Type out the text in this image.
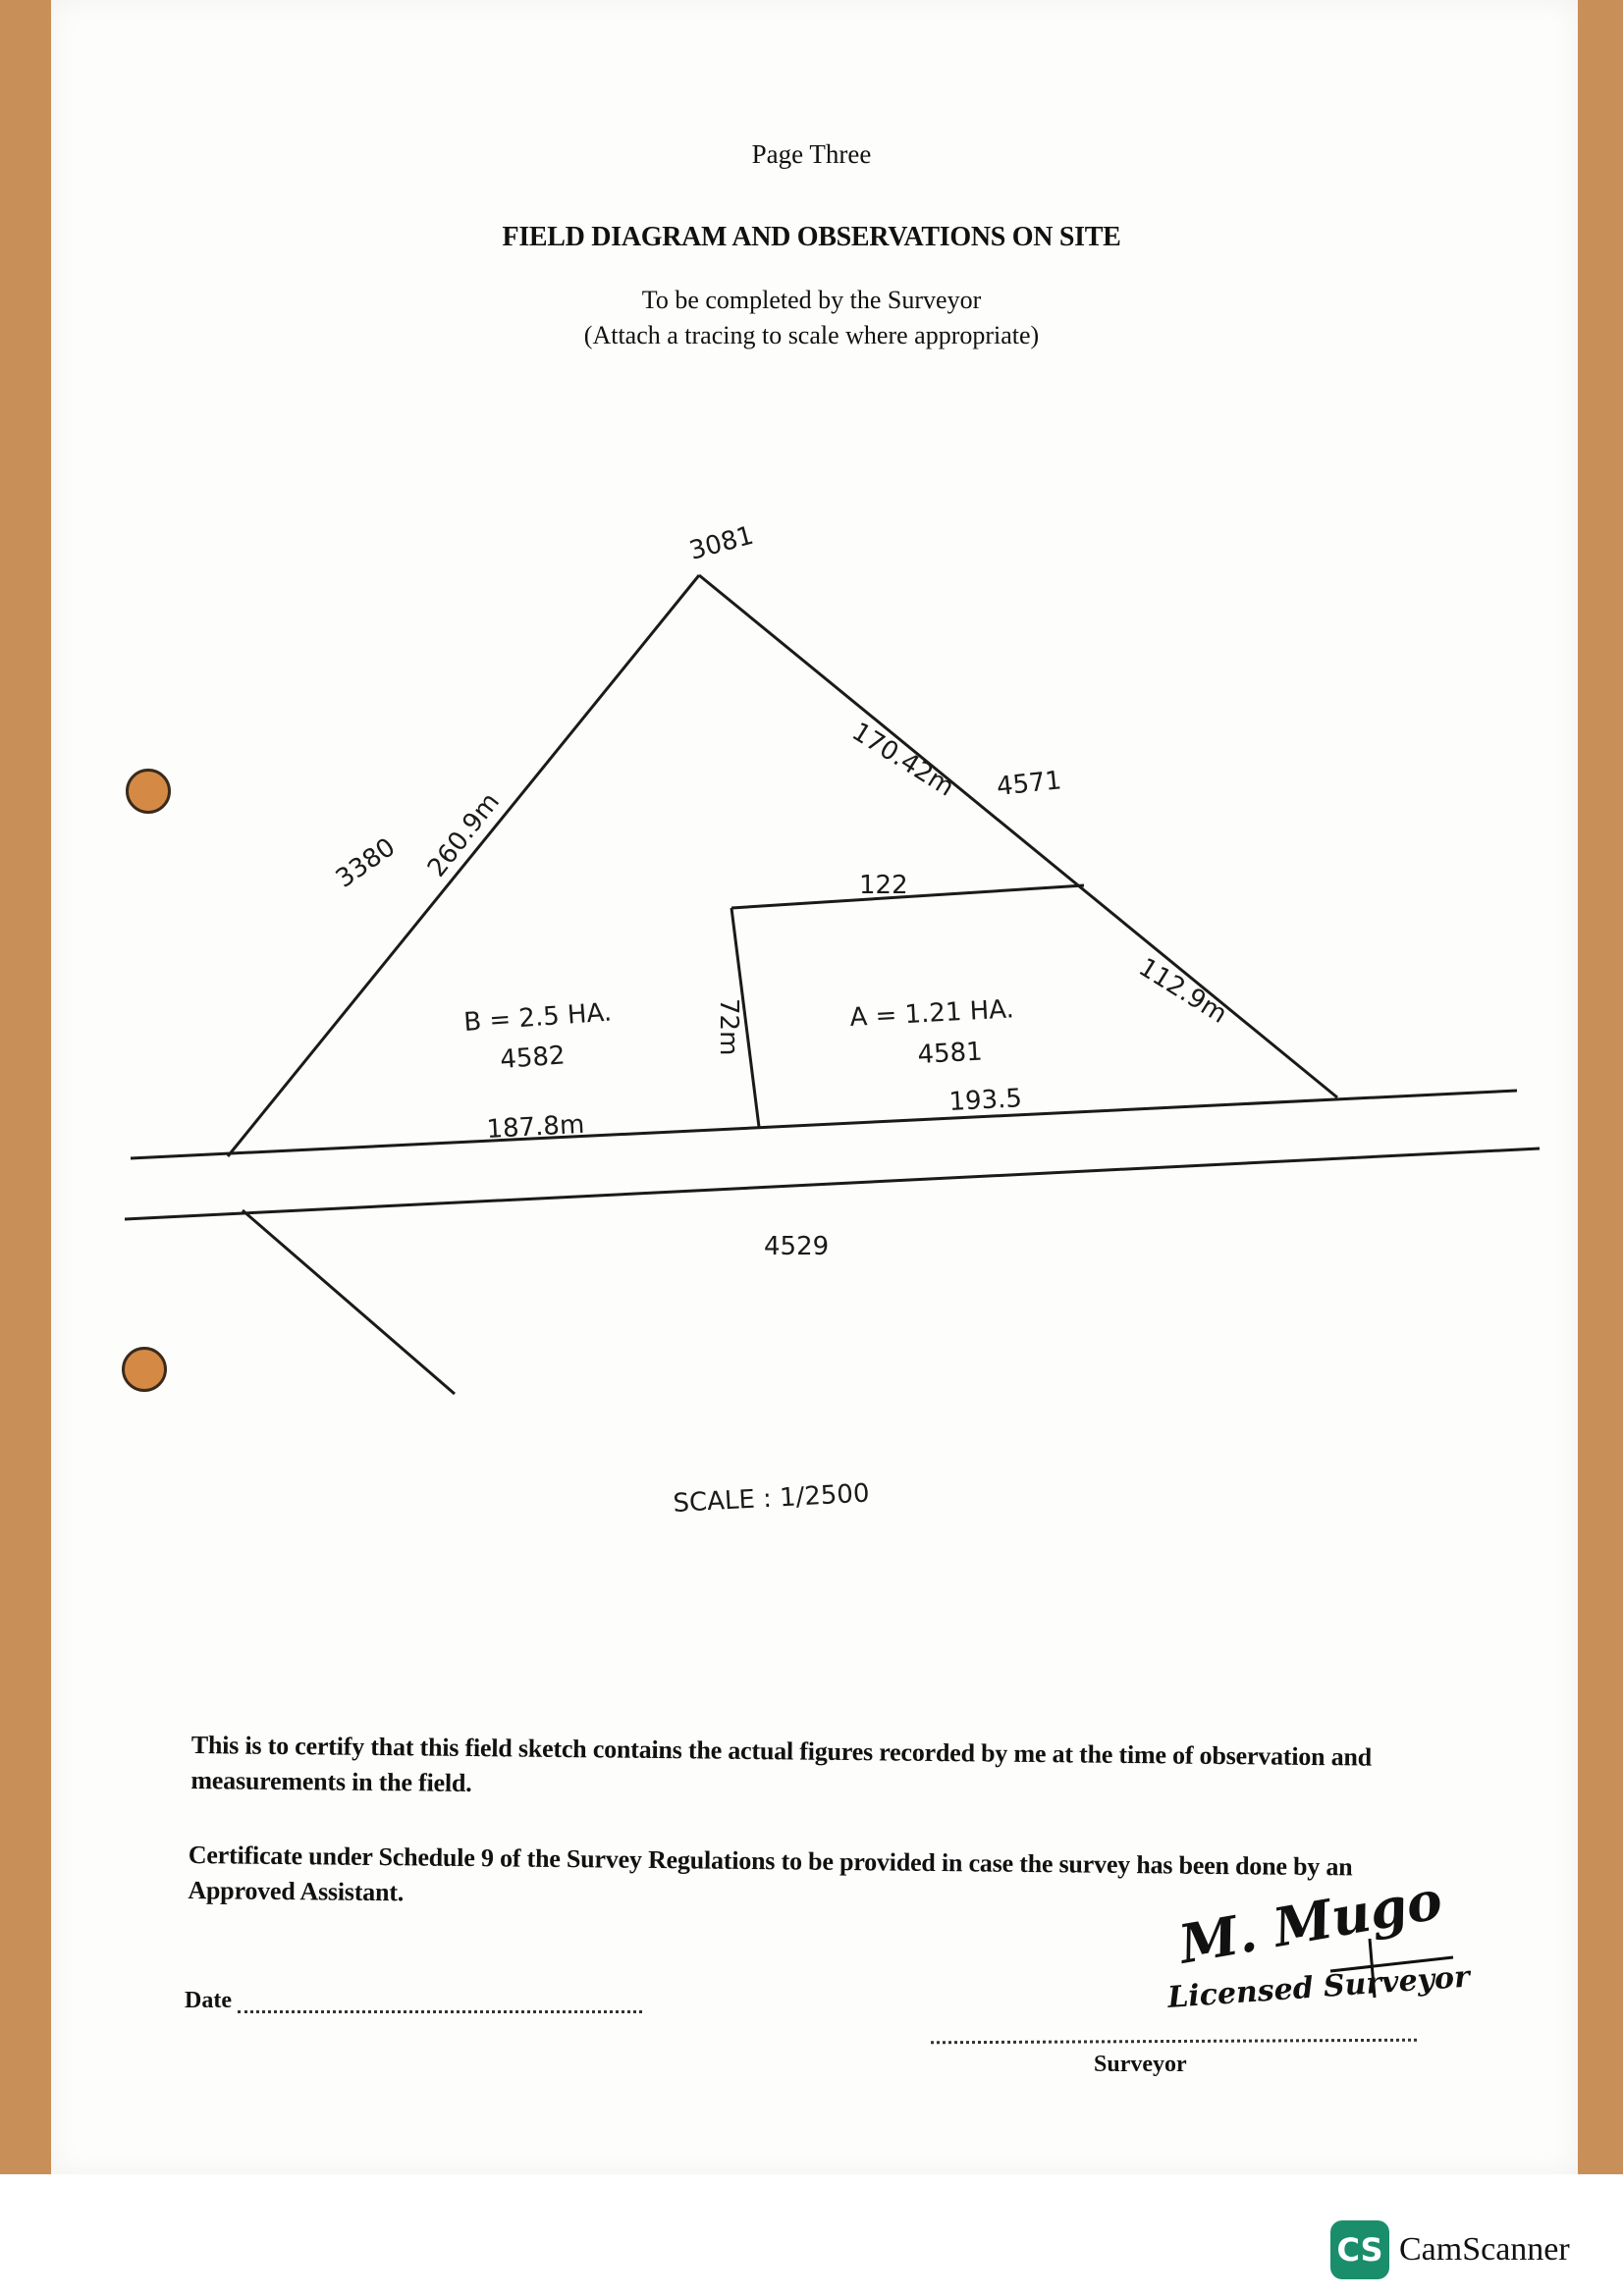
Page Three
FIELD DIAGRAM AND OBSERVATIONS ON SITE
To be completed by the Surveyor
(Attach a tracing to scale where appropriate)
3081
3380 260.9m
170.42m 4571
122
112.9m
B = 2.5 HA.
4582
72m	A = 1.21 HA.
4581
193.5
187.8m
4529
SCALE : 1/2500
M. Mugo
Licensed Surveyor
This is to certify that this field sketch contains the actual figures recorded by me at the time of observation and measurements in the field.
Certificate under Schedule 9 of the Survey Regulations to be provided in case the survey has been done by an Approved Assistant.
Date
Surveyor
CS CamScanner
